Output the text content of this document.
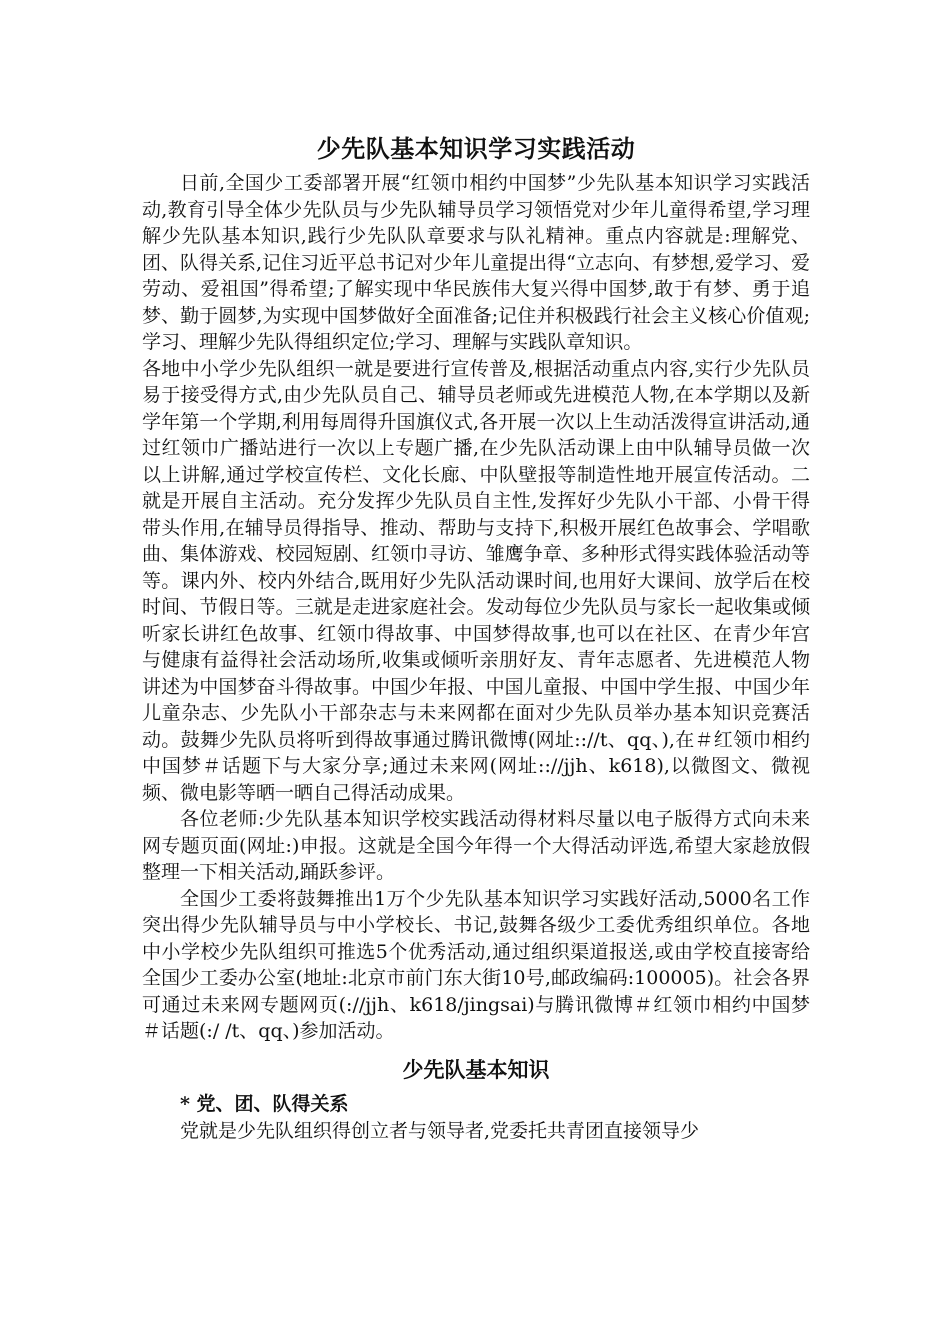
少先队基本知识学习实践活动

日前,全国少工委部署开展“红领巾相约中国梦”少先队基本知识学习实践活动,教育引导全体少先队员与少先队辅导员学习领悟党对少年儿童得希望,学习理解少先队基本知识,践行少先队队章要求与队礼精神。重点内容就是:理解党、团、队得关系,记住习近平总书记对少年儿童提出得“立志向、有梦想,爱学习、爱劳动、爱祖国”得希望;了解实现中华民族伟大复兴得中国梦,敢于有梦、勇于追梦、勤于圆梦,为实现中国梦做好全面准备;记住并积极践行社会主义核心价值观;学习、理解少先队得组织定位;学习、理解与实践队章知识。

各地中小学少先队组织一就是要进行宣传普及,根据活动重点内容,实行少先队员易于接受得方式,由少先队员自己、辅导员老师或先进模范人物,在本学期以及新学年第一个学期,利用每周得升国旗仪式,各开展一次以上生动活泼得宣讲活动,通过红领巾广播站进行一次以上专题广播,在少先队活动课上由中队辅导员做一次以上讲解,通过学校宣传栏、文化长廊、中队壁报等制造性地开展宣传活动。二就是开展自主活动。充分发挥少先队员自主性,发挥好少先队小干部、小骨干得带头作用,在辅导员得指导、推动、帮助与支持下,积极开展红色故事会、学唱歌曲、集体游戏、校园短剧、红领巾寻访、雏鹰争章、多种形式得实践体验活动等等。课内外、校内外结合,既用好少先队活动课时间,也用好大课间、放学后在校时间、节假日等。三就是走进家庭社会。发动每位少先队员与家长一起收集或倾听家长讲红色故事、红领巾得故事、中国梦得故事,也可以在社区、在青少年宫与健康有益得社会活动场所,收集或倾听亲朋好友、青年志愿者、先进模范人物讲述为中国梦奋斗得故事。中国少年报、中国儿童报、中国中学生报、中国少年儿童杂志、少先队小干部杂志与未来网都在面对少先队员举办基本知识竞赛活动。鼓舞少先队员将听到得故事通过腾讯微博(网址:://t、qq、),在＃红领巾相约中国梦＃话题下与大家分享;通过未来网(网址:://jjh、k618),以微图文、微视频、微电影等晒一晒自己得活动成果。

各位老师:少先队基本知识学校实践活动得材料尽量以电子版得方式向未来网专题页面(网址:)申报。这就是全国今年得一个大得活动评选,希望大家趁放假整理一下相关活动,踊跃参评。

全国少工委将鼓舞推出1万个少先队基本知识学习实践好活动,5000名工作突出得少先队辅导员与中小学校长、书记,鼓舞各级少工委优秀组织单位。各地中小学校少先队组织可推选5个优秀活动,通过组织渠道报送,或由学校直接寄给全国少工委办公室(地址:北京市前门东大街10号,邮政编码:100005)。社会各界可通过未来网专题网页(://jjh、k618/jingsai)与腾讯微博＃红领巾相约中国梦＃话题(:/ /t、qq、)参加活动。

少先队基本知识
* 党、团、队得关系

党就是少先队组织得创立者与领导者,党委托共青团直接领导少
